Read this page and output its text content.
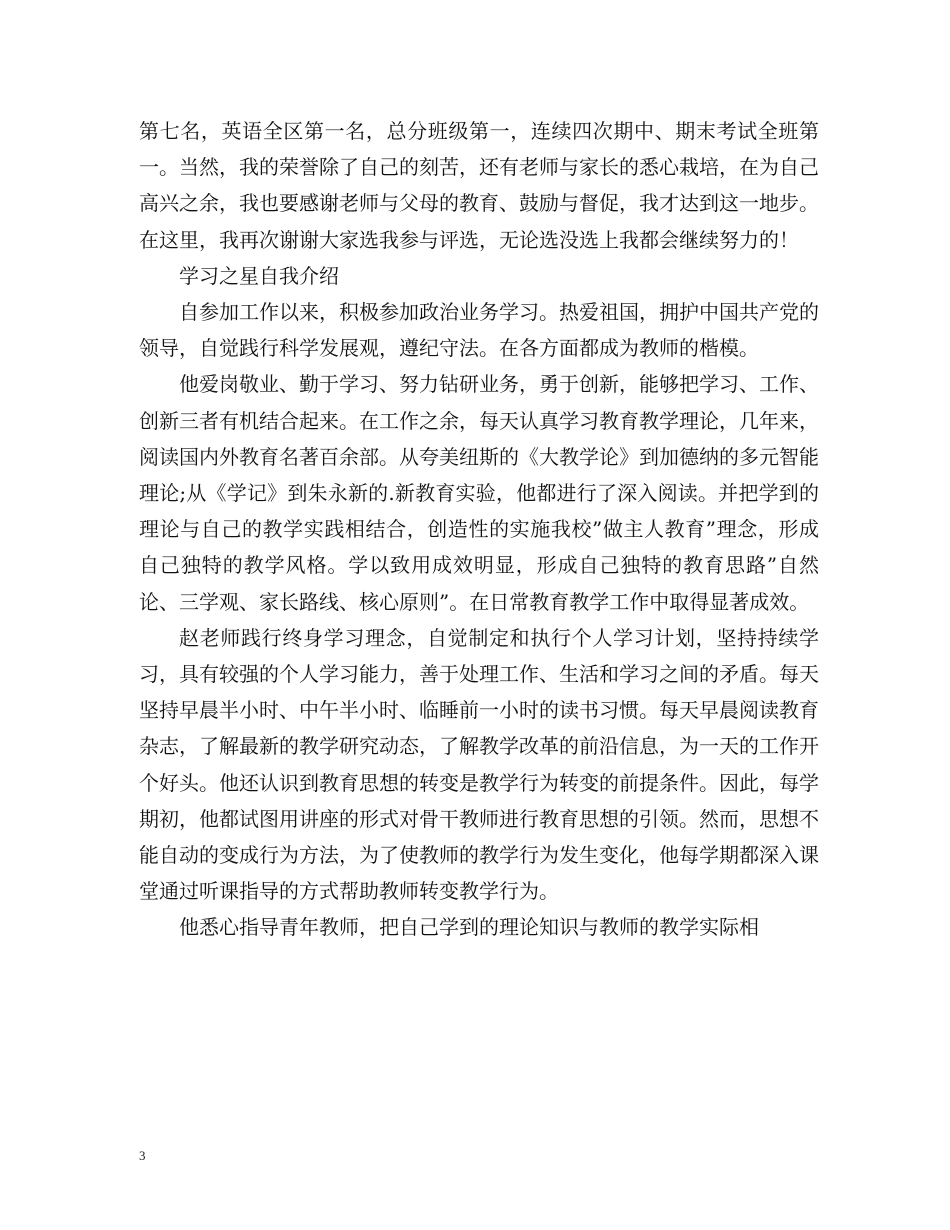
第七名，英语全区第一名，总分班级第一，连续四次期中、期末考试全班第一。当然，我的荣誉除了自己的刻苦，还有老师与家长的悉心栽培，在为自己高兴之余，我也要感谢老师与父母的教育、鼓励与督促，我才达到这一地步。在这里，我再次谢谢大家选我参与评选，无论选没选上我都会继续努力的！

学习之星自我介绍

自参加工作以来，积极参加政治业务学习。热爱祖国，拥护中国共产党的领导，自觉践行科学发展观，遵纪守法。在各方面都成为教师的楷模。

他爱岗敬业、勤于学习、努力钻研业务，勇于创新，能够把学习、工作、创新三者有机结合起来。在工作之余，每天认真学习教育教学理论，几年来，阅读国内外教育名著百余部。从夸美纽斯的《大教学论》到加德纳的多元智能理论;从《学记》到朱永新的.新教育实验，他都进行了深入阅读。并把学到的理论与自己的教学实践相结合，创造性的实施我校”做主人教育”理念，形成自己独特的教学风格。学以致用成效明显，形成自己独特的教育思路”自然论、三学观、家长路线、核心原则”。在日常教育教学工作中取得显著成效。

赵老师践行终身学习理念，自觉制定和执行个人学习计划，坚持持续学习，具有较强的个人学习能力，善于处理工作、生活和学习之间的矛盾。每天坚持早晨半小时、中午半小时、临睡前一小时的读书习惯。每天早晨阅读教育杂志，了解最新的教学研究动态，了解教学改革的前沿信息，为一天的工作开个好头。他还认识到教育思想的转变是教学行为转变的前提条件。因此，每学期初，他都试图用讲座的形式对骨干教师进行教育思想的引领。然而，思想不能自动的变成行为方法，为了使教师的教学行为发生变化，他每学期都深入课堂通过听课指导的方式帮助教师转变教学行为。

他悉心指导青年教师，把自己学到的理论知识与教师的教学实际相

3
